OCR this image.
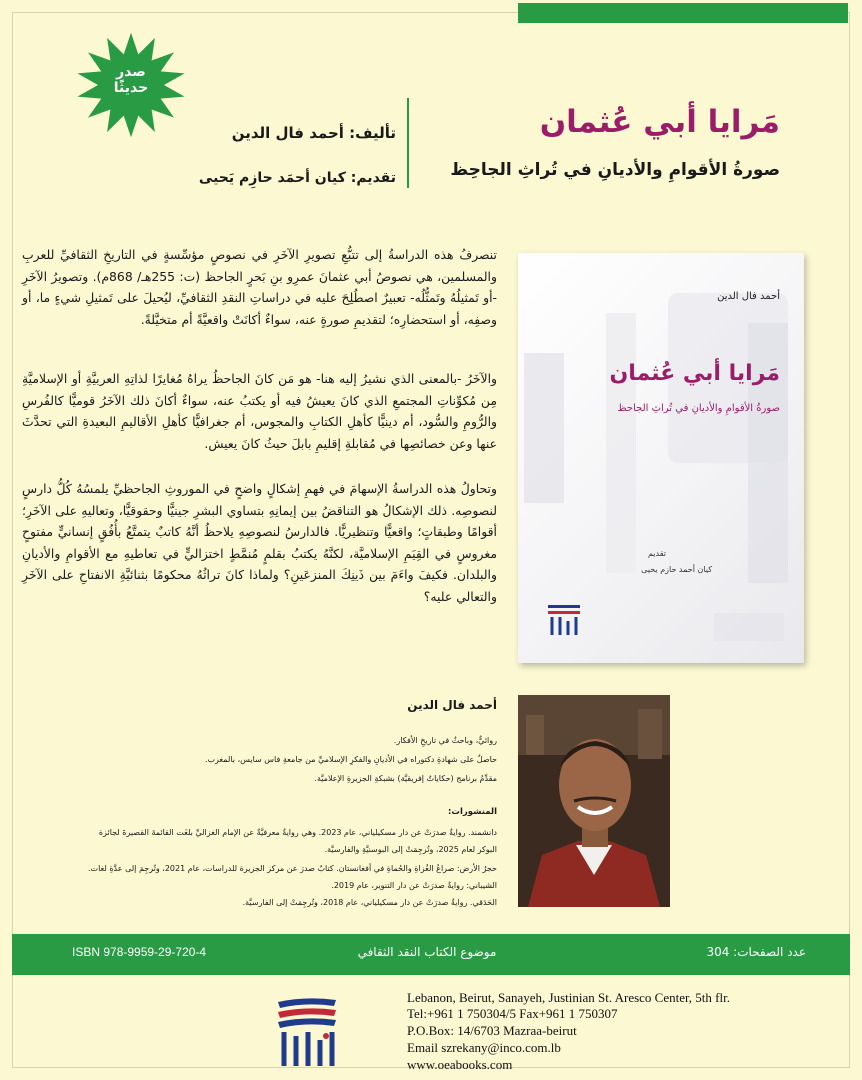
صدر
حديثًا
مَرايا أبي عُثمان
صورةُ الأقوامِ والأديانِ في تُراثِ الجاحِظ
تأليف: أحمد فال الدين
تقديم: كيان أحمَد حازِم يَحيى

تنصرفُ هذه الدراسةُ إلى تتبُّعِ تصويرِ الآخَرِ في نصوصٍ مؤسِّسةٍ في التاريخِ الثقافيِّ للعربِ والمسلمين، هي نصوصُ أبي عثمانَ عمرِو بنِ بَحرٍ الجاحظ (ت: 255هـ/ 868م). وتصويرُ الآخَرِ -أو تَمثيلُهُ وتَمثُّلُه- تعبيرٌ اصطُلِحَ عليه في دراساتِ النقدِ الثقافيِّ، ليُحيلَ على تَمثيلِ شيءٍ ما، أو وصفِه، أو استحضارِه؛ لتقديمِ صورةٍ عنه، سواءٌ أكانَتْ واقعيَّةً أم متخيَّلةً.

والآخَرُ -بالمعنى الذي نشيرُ إليه هنا- هو مَن كانَ الجاحظُ يراهُ مُغايرًا لذاتِهِ العربيَّةِ أو الإسلاميَّةِ مِن مُكوِّناتِ المجتمعِ الذي كانَ يعيشُ فيه أو يكتبُ عنه، سواءٌ أكانَ ذلك الآخَرُ قوميًّا كالفُرسِ والرُّومِ والسُّود، أم دينيًّا كأهلِ الكتابِ والمجوس، أم جغرافيًّا كأهلِ الأقاليمِ البعيدةِ التي تحدَّثَ عنها وعن خصائصِها في مُقابلةِ إقليمِ بابلَ حيثُ كانَ يعيش.

وتحاولُ هذه الدراسةُ الإسهامَ في فهمِ إشكالٍ واضحٍ في الموروثِ الجاحظيِّ يلمسُهُ كُلُّ دارسٍ لنصوصِه. ذلك الإشكالُ هو التناقضُ بين إيمانِهِ بتساوي البشرِ جينيًّا وحقوقيًّا، وتعاليهِ على الآخَرِ؛ أقوامًا وطبقاتٍ؛ واقعيًّا وتنظيريًّا. فالدارسُ لنصوصِهِ يلاحظُ أنَّهُ كاتبٌ يتمتَّعُ بأُفُقٍ إنسانيٍّ مفتوحٍ مغروسٍ في القِيَمِ الإسلاميَّة، لكنَّهُ يكتبُ بقلمٍ مُنمَّطٍ اختزاليٍّ في تعاطيهِ مع الأقوامِ والأديانِ والبلدان. فكيفَ واءَمَ بين ذَينِكَ المنزعَينِ؟ ولماذا كانَ تراثُهُ محكومًا بثنائيَّةِ الانفتاحِ على الآخَرِ والتعالي عليه؟

أحمد فال الدين
مَرايا أبي عُثمان
صورةُ الأقوامِ والأديانِ في تُراثِ الجاحظ
تقديم
كيان أحمد حازم يحيى
أحمد فال الدين
روائيٌّ، وباحثٌ في تاريخِ الأفكار.
حاصلٌ على شهادةِ دكتوراه في الأديانِ والفكرِ الإسلاميِّ من جامعةِ فاس سايس، بالمغرب.
مقدِّمُ برنامج (حكاياتٌ إفريقيَّة) بشبكةِ الجزيرةِ الإعلاميَّة.
المنشورات:
دانشمند. روايةٌ صدرَتْ عن دار مسكيلياني، عام 2023. وهي روايةٌ معرفيَّةٌ عن الإمام الغزاليِّ بلغَت القائمةَ القصيرةَ لجائزة
البوكر لعام 2025، وتُرجِمَتْ إلى البوسنيَّةِ والفارسيَّة.
حجرُ الأرض: صراعُ الغُزاةِ والحُماةِ في أفغانستان. كتابٌ صدرَ عن مركز الجزيرة للدراسات، عام 2021، وتُرجِمَ إلى عدَّةِ لغات.
الشيباني: روايةٌ صدرَتْ عن دار التنوير، عام 2019.
الحَدَقي. روايةٌ صدرَتْ عن دار مسكيلياني، عام 2018، وتُرجِمَتْ إلى الفارسيَّة.
ISBN 978-9959-29-720-4	موضوع الكتاب النقد الثقافي	عدد الصفحات: 304
Lebanon, Beirut, Sanayeh, Justinian St. Aresco Center, 5th flr.
Tel:+961 1 750304/5 Fax+961 1 750307
P.O.Box: 14/6703 Mazraa-beirut
Email szrekany@inco.com.lb
www.oeabooks.com
